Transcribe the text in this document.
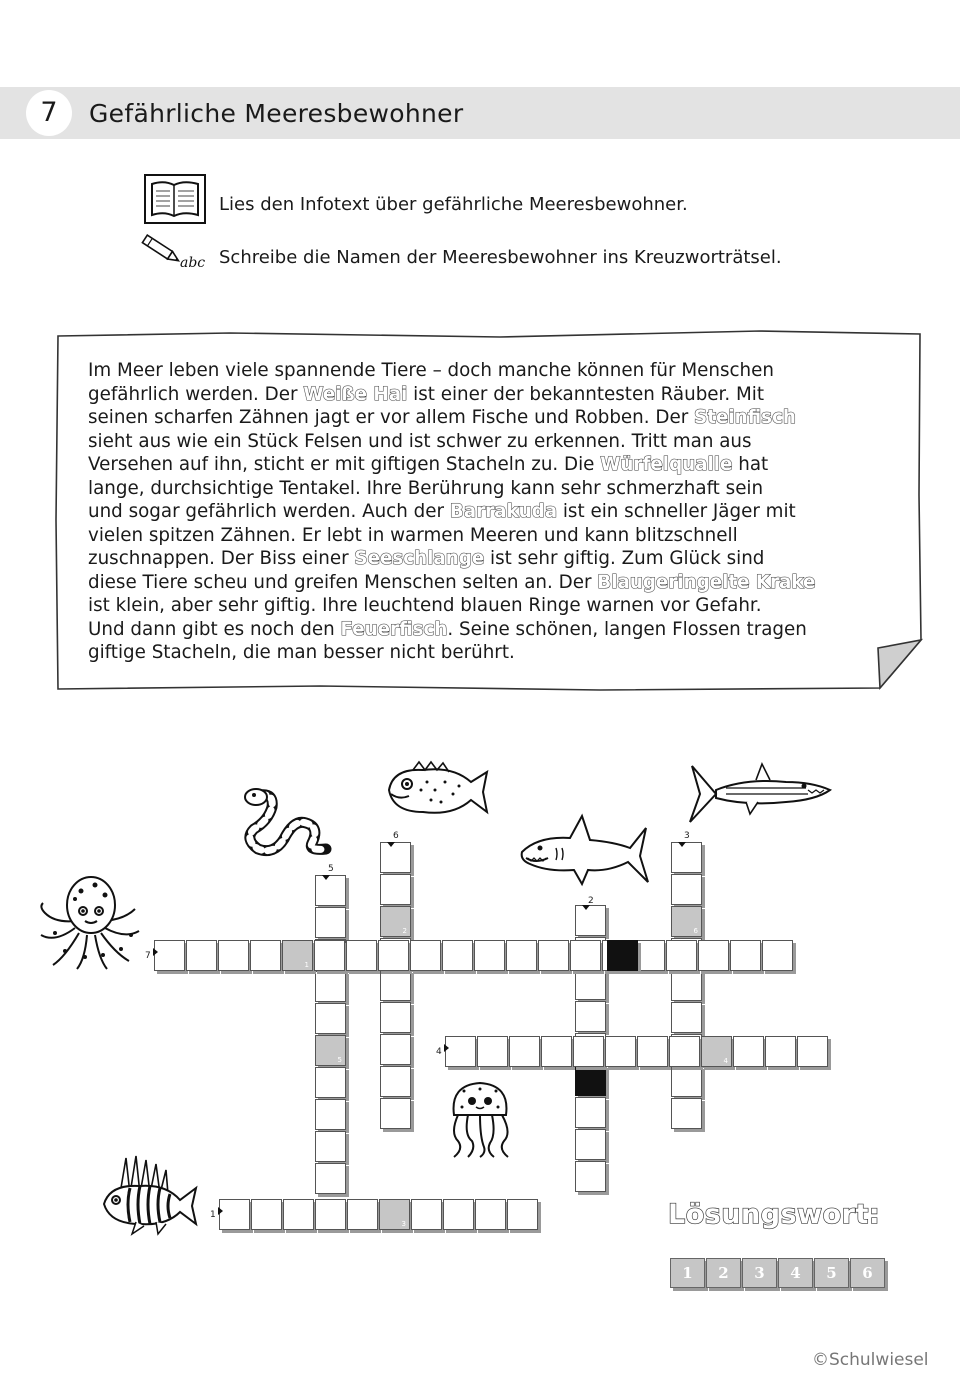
7	Gefährliche Meeresbewohner
Lies den Infotext über gefährliche Meeresbewohner.
abc Schreibe die Namen der Meeresbewohner ins Kreuzworträtsel.

Im Meer leben viele spannende Tiere – doch manche können für Menschen

gefährlich werden. Der Weiße Hai ist einer der bekanntesten Räuber. Mit

seinen scharfen Zähnen jagt er vor allem Fische und Robben. Der Steinfisch

sieht aus wie ein Stück Felsen und ist schwer zu erkennen. Tritt man aus

Versehen auf ihn, sticht er mit giftigen Stacheln zu. Die Würfelqualle hat

lange, durchsichtige Tentakel. Ihre Berührung kann sehr schmerzhaft sein

und sogar gefährlich werden. Auch der Barrakuda ist ein schneller Jäger mit

vielen spitzen Zähnen. Er lebt in warmen Meeren und kann blitzschnell

zuschnappen. Der Biss einer Seeschlange ist sehr giftig. Zum Glück sind

diese Tiere scheu und greifen Menschen selten an. Der Blaugeringelte Krake

ist klein, aber sehr giftig. Ihre leuchtend blauen Ringe warnen vor Gefahr.

Und dann gibt es noch den Feuerfisch. Seine schönen, langen Flossen tragen

giftige Stacheln, die man besser nicht berührt.

3
1
2
6
3
4
4
5
5
2
6
1
7
Lösungswort:
1	2	3	4	5	6
©Schulwiesel
